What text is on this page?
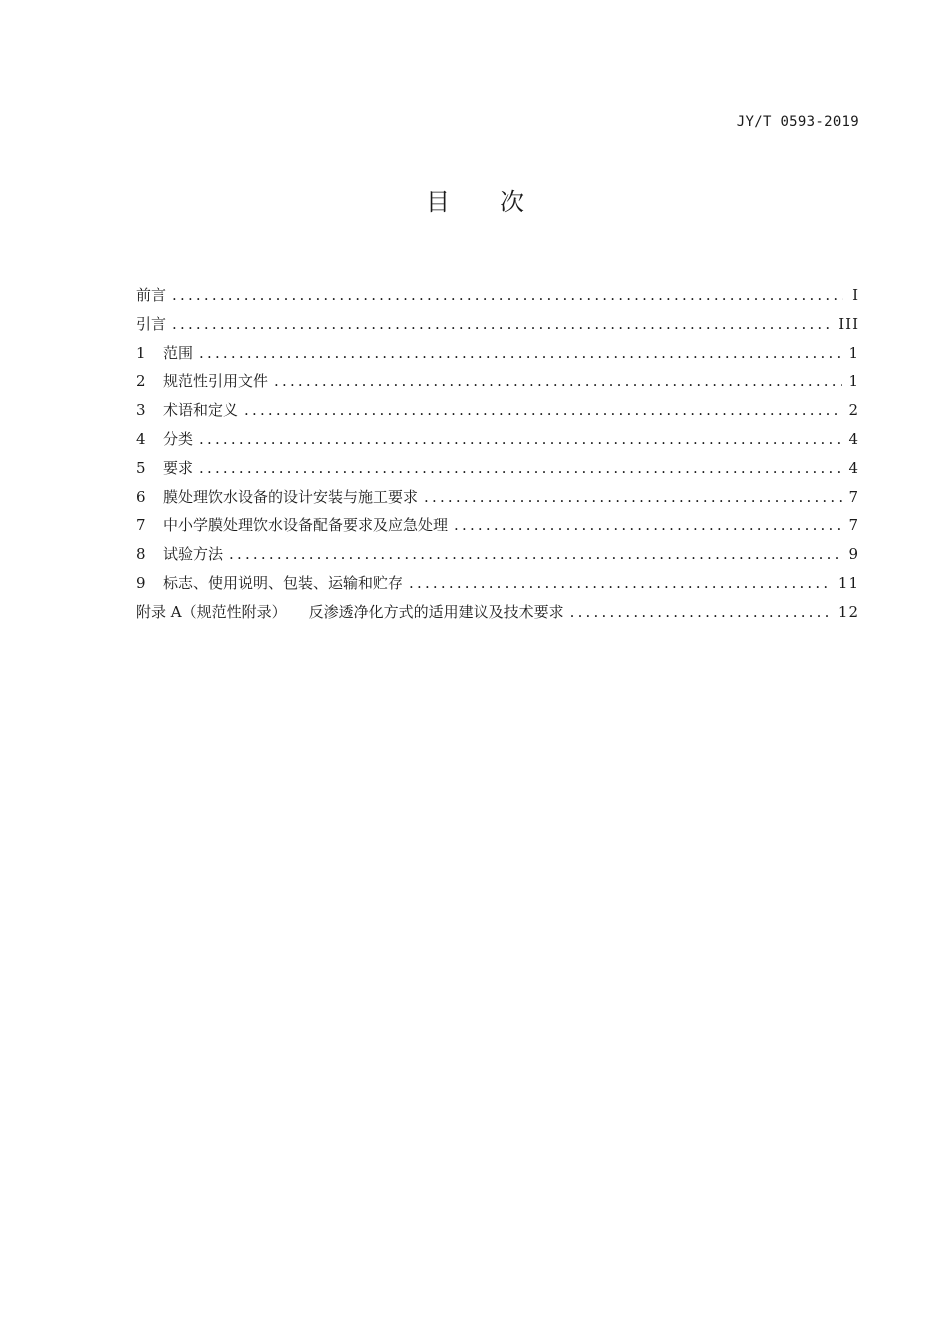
JY/T 0593-2019
目 次
前言 .....	I
引言 .....	III
1	范围 .....	1
2	规范性引用文件 .....	1
3	术语和定义 .....	2
4	分类 .....	4
5	要求 .....	4
6	膜处理饮水设备的设计安装与施工要求 .....	7
7	中小学膜处理饮水设备配备要求及应急处理 .....	7
8	试验方法 .....	9
9	标志、使用说明、包装、运输和贮存 .....	11
附录 A（规范性附录） 反渗透净化方式的适用建议及技术要求 .....	12
